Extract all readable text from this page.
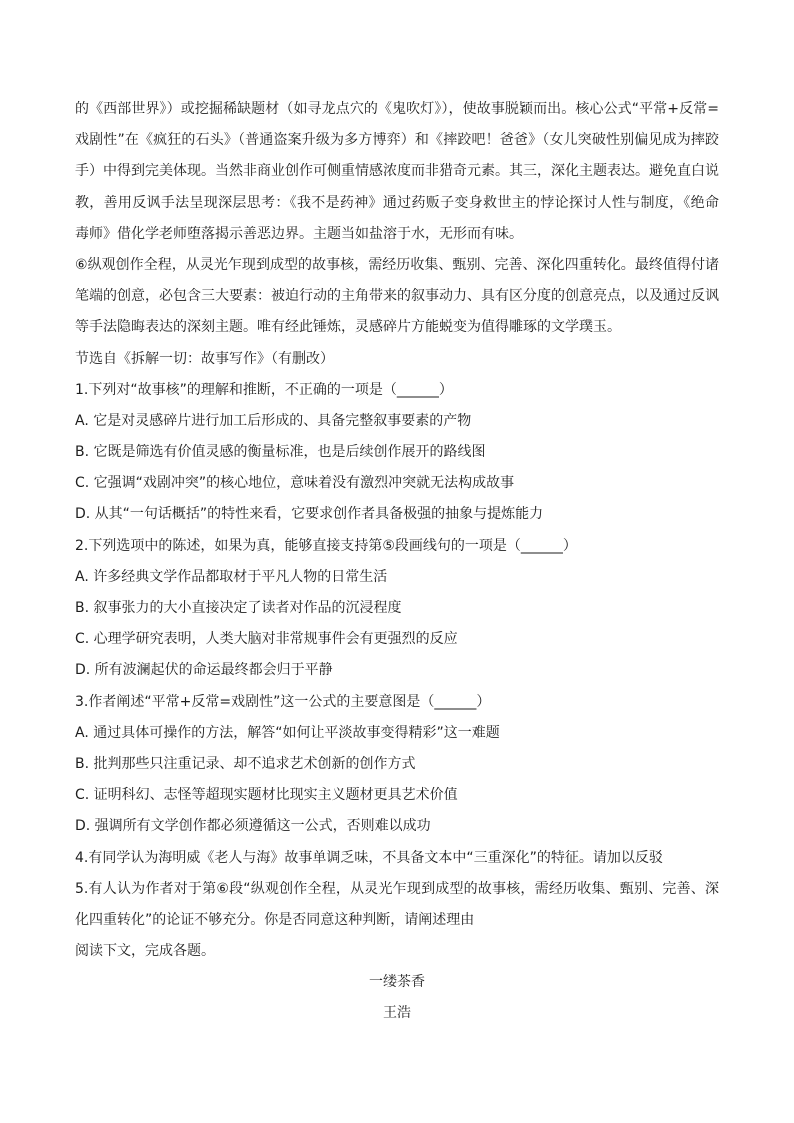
的《西部世界》）或挖掘稀缺题材（如寻龙点穴的《鬼吹灯》），使故事脱颖而出。核心公式“平常+反常=
戏剧性”在《疯狂的石头》（普通盗案升级为多方博弈）和《摔跤吧！爸爸》（女儿突破性别偏见成为摔跤
手）中得到完美体现。当然非商业创作可侧重情感浓度而非猎奇元素。其三，深化主题表达。避免直白说
教，善用反讽手法呈现深层思考：《我不是药神》通过药贩子变身救世主的悖论探讨人性与制度，《绝命
毒师》借化学老师堕落揭示善恶边界。主题当如盐溶于水，无形而有味。
⑥纵观创作全程，从灵光乍现到成型的故事核，需经历收集、甄别、完善、深化四重转化。最终值得付诸
笔端的创意，必包含三大要素：被迫行动的主角带来的叙事动力、具有区分度的创意亮点，以及通过反讽
等手法隐晦表达的深刻主题。唯有经此锤炼，灵感碎片方能蜕变为值得雕琢的文学璞玉。
节选自《拆解一切：故事写作》（有删改）
1.下列对“故事核”的理解和推断，不正确的一项是（______）
A. 它是对灵感碎片进行加工后形成的、具备完整叙事要素的产物
B. 它既是筛选有价值灵感的衡量标准，也是后续创作展开的路线图
C. 它强调“戏剧冲突”的核心地位，意味着没有激烈冲突就无法构成故事
D. 从其“一句话概括”的特性来看，它要求创作者具备极强的抽象与提炼能力
2.下列选项中的陈述，如果为真，能够直接支持第⑤段画线句的一项是（______）
A. 许多经典文学作品都取材于平凡人物的日常生活
B. 叙事张力的大小直接决定了读者对作品的沉浸程度
C. 心理学研究表明，人类大脑对非常规事件会有更强烈的反应
D. 所有波澜起伏的命运最终都会归于平静
3.作者阐述“平常+反常=戏剧性”这一公式的主要意图是（______）
A. 通过具体可操作的方法，解答“如何让平淡故事变得精彩”这一难题
B. 批判那些只注重记录、却不追求艺术创新的创作方式
C. 证明科幻、志怪等超现实题材比现实主义题材更具艺术价值
D. 强调所有文学创作都必须遵循这一公式，否则难以成功
4.有同学认为海明威《老人与海》故事单调乏味，不具备文本中“三重深化”的特征。请加以反驳
5.有人认为作者对于第⑥段“纵观创作全程，从灵光乍现到成型的故事核，需经历收集、甄别、完善、深
化四重转化”的论证不够充分。你是否同意这种判断，请阐述理由
阅读下文，完成各题。
一缕茶香
王浩
